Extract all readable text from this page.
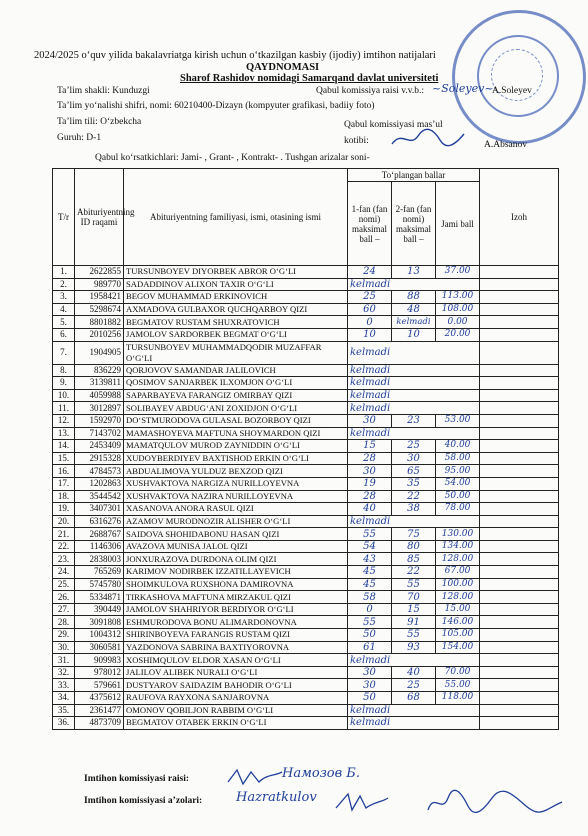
2024/2025 o‘quv yilida bakalavriatga kirish uchun o‘tkazilgan kasbiy (ijodiy) imtihon natijalari
QAYDNOMASI
Sharof Rashidov nomidagi Samarqand davlat universiteti
Ta’lim shakli: Kunduzgi	Qabul komissiya raisi v.v.b.: ~Soleyev~
A.Soleyev
Ta’lim yo‘nalishi shifri, nomi: 60210400-Dizayn (kompyuter grafikasi, badiiy foto)
Ta’lim tili: O‘zbekcha	Qabul komissiyasi mas’ul
Guruh: D-1	kotibi:	A.Absanov
Qabul ko‘rsatkichlari: Jami- , Grant- , Kontrakt- . Tushgan arizalar soni-
T/r	Abituriyentning ID raqami	Abituriyentning familiyasi, ismi, otasining ismi	To‘plangan ballar			Izoh
			1-fan (fan nomi) maksimal ball –	2-fan (fan nomi) maksimal ball –	Jami ball	
1.	2622855	TURSUNBOYEV DIYORBEK ABROR O‘G‘LI	24	13	37.00	
2.	989770	SADADDINOV ALIXON TAXIR O‘G‘LI	kelmadi			
3.	1958421	BEGOV MUHAMMAD ERKINOVICH	25	88	113.00	
4.	5298674	AXMADOVA GULBAXOR QUCHQARBOY QIZI	60	48	108.00	
5.	8801882	BEGMATOV RUSTAM SHUXRATOVICH	0	kelmadi	0.00	
6.	2010256	JAMOLOV SARDORBEK BEGMAT O‘G‘LI	10	10	20.00	
7.	1904905	TURSUNBOYEV MUHAMMADQODIR MUZAFFAR O‘G‘LI	kelmadi			
8.	836229	QORJOVOV SAMANDAR JALILOVICH	kelmadi			
9.	3139811	QOSIMOV SANJARBEK ILXOMJON O‘G‘LI	kelmadi			
10.	4059988	SAPARBAYEVA FARANGIZ OMIRBAY QIZI	kelmadi			
11.	3012897	SOLIBAYEV ABDUG‘ANI ZOXIDJON O‘G‘LI	kelmadi			
12.	1592970	DO‘STMURODOVA GULASAL BOZORBOY QIZI	30	23	53.00	
13.	7143702	MAMASHOYEVA MAFTUNA SHOYMARDON QIZI	kelmadi			
14.	2453409	MAMATQULOV MUROD ZAYNIDDIN O‘G‘LI	15	25	40.00	
15.	2915328	XUDOYBERDIYEV BAXTISHOD ERKIN O‘G‘LI	28	30	58.00	
16.	4784573	ABDUALIMOVA YULDUZ BEXZOD QIZI	30	65	95.00	
17.	1202863	XUSHVAKTOVA NARGIZA NURILLOYEVNA	19	35	54.00	
18.	3544542	XUSHVAKTOVA NAZIRA NURILLOYEVNA	28	22	50.00	
19.	3407301	XASANOVA ANORA RASUL QIZI	40	38	78.00	
20.	6316276	AZAMOV MURODNOZIR ALISHER O‘G‘LI	kelmadi			
21.	2688767	SAIDOVA SHOHIDABONU HASAN QIZI	55	75	130.00	
22.	1146306	AVAZOVA MUNISA JALOL QIZI	54	80	134.00	
23.	2838003	JONXURAZOVA DURDONA OLIM QIZI	43	85	128.00	
24.	765269	KARIMOV NODIRBEK IZZATILLAYEVICH	45	22	67.00	
25.	5745780	SHOIMKULOVA RUXSHONA DAMIROVNA	45	55	100.00	
26.	5334871	TIRKASHOVA MAFTUNA MIRZAKUL QIZI	58	70	128.00	
27.	390449	JAMOLOV SHAHRIYOR BERDIYOR O‘G‘LI	0	15	15.00	
28.	3091808	ESHMURODOVA BONU ALIMARDONOVNA	55	91	146.00	
29.	1004312	SHIRINBOYEVA FARANGIS RUSTAM QIZI	50	55	105.00	
30.	3060581	YAZDONOVA SABRINA BAXTIYOROVNA	61	93	154.00	
31.	909983	XOSHIMQULOV ELDOR XASAN O‘G‘LI	kelmadi			
32.	978012	JALILOV ALIBEK NURALI O‘G‘LI	30	40	70.00	
33.	579661	DUSTYAROV SAIDAZIM BAHODIR O‘G‘LI	30	25	55.00	
34.	4375612	RAUFOVA RAYXONA SANJAROVNA	50	68	118.00	
35.	2361477	OMONOV QOBILJON RABBIM O‘G‘LI	kelmadi			
36.	4873709	BEGMATOV OTABEK ERKIN O‘G‘LI	kelmadi			
Imtihon komissiyasi raisi:	Намозов Б.
Imtihon komissiyasi a’zolari:	Hazratkulov
